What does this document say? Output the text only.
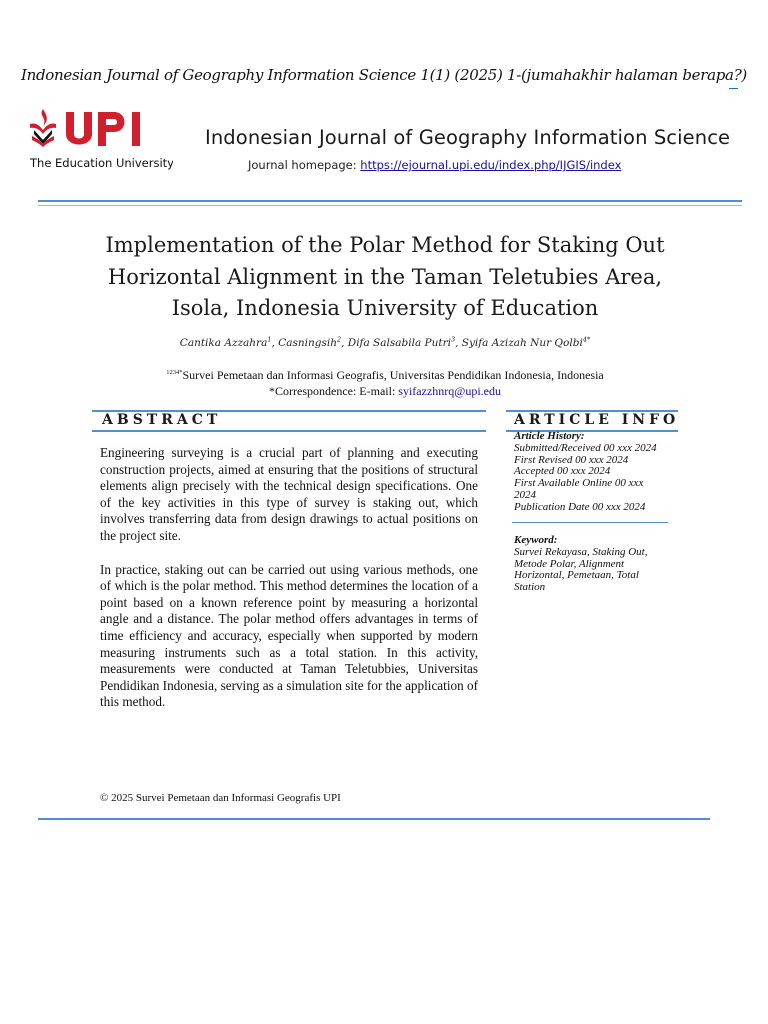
Indonesian Journal of Geography Information Science 1(1) (2025) 1-(jumahakhir halaman berapa?)
The Education University
Indonesian Journal of Geography Information Science
Journal homepage: https://ejournal.upi.edu/index.php/IJGIS/index
Implementation of the Polar Method for Staking Out
Horizontal Alignment in the Taman Teletubies Area,
Isola, Indonesia University of Education
Cantika Azzahra$^1$, Casningsih$^2$, Difa Salsabila Putri$^3$, Syifa Azizah Nur Qolbi$^{4*}$
$^{1234*}$Survei Pemetaan dan Informasi Geografis, Universitas Pendidikan Indonesia, Indonesia
*Correspondence: E-mail: syifazzhnrq@upi.edu
ABSTRACT	ARTICLE INFO

Engineering surveying is a crucial part of planning and executing construction projects, aimed at ensuring that the positions of structural elements align precisely with the technical design specifications. One of the key activities in this type of survey is staking out, which involves transferring data from design drawings to actual positions on the project site.

In practice, staking out can be carried out using various methods, one of which is the polar method. This method determines the location of a point based on a known reference point by measuring a horizontal angle and a distance. The polar method offers advantages in terms of time efficiency and accuracy, especially when supported by modern measuring instruments such as a total station. In this activity, measurements were conducted at Taman Teletubbies, Universitas Pendidikan Indonesia, serving as a simulation site for the application of this method.

Article History:
Submitted/Received 00 xxx 2024
First Revised 00 xxx 2024
Accepted 00 xxx 2024
First Available Online 00 xxx 2024
Publication Date 00 xxx 2024
Keyword:
Survei Rekayasa, Staking Out, Metode Polar, Alignment Horizontal, Pemetaan, Total Station
© 2025 Survei Pemetaan dan Informasi Geografis UPI
